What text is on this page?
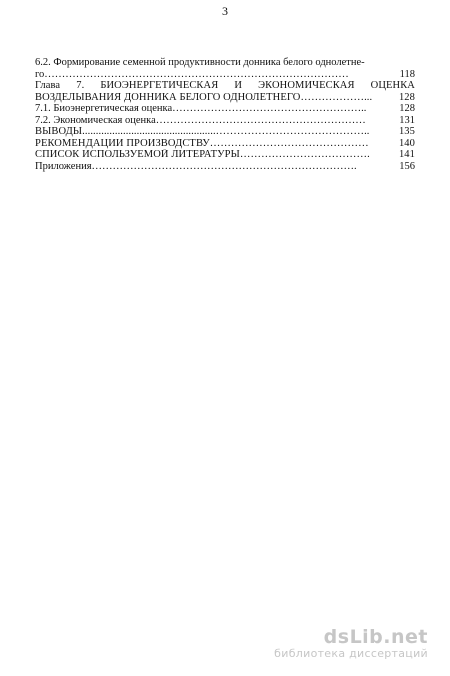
3
6.2. Формирование семенной продуктивности донника белого однолетне-
го……………………………………………………………………………	118
Глава 7. БИОЭНЕРГЕТИЧЕСКАЯ И ЭКОНОМИЧЕСКАЯ ОЦЕНКА
ВОЗДЕЛЫВАНИЯ ДОННИКА БЕЛОГО ОДНОЛЕТНЕГО………………...	128
7.1. Биоэнергетическая оценка………………………………………………..	128
7.2. Экономическая оценка……………………………………………………	131
ВЫВОДЫ.................................................……………………………………..	135
РЕКОМЕНДАЦИИ ПРОИЗВОДСТВУ………………………………………	140
СПИСОК ИСПОЛЬЗУЕМОЙ ЛИТЕРАТУРЫ……………………………….	141
Приложения………………………………………………………………….	156
dsLib.net
библиотека диссертаций
